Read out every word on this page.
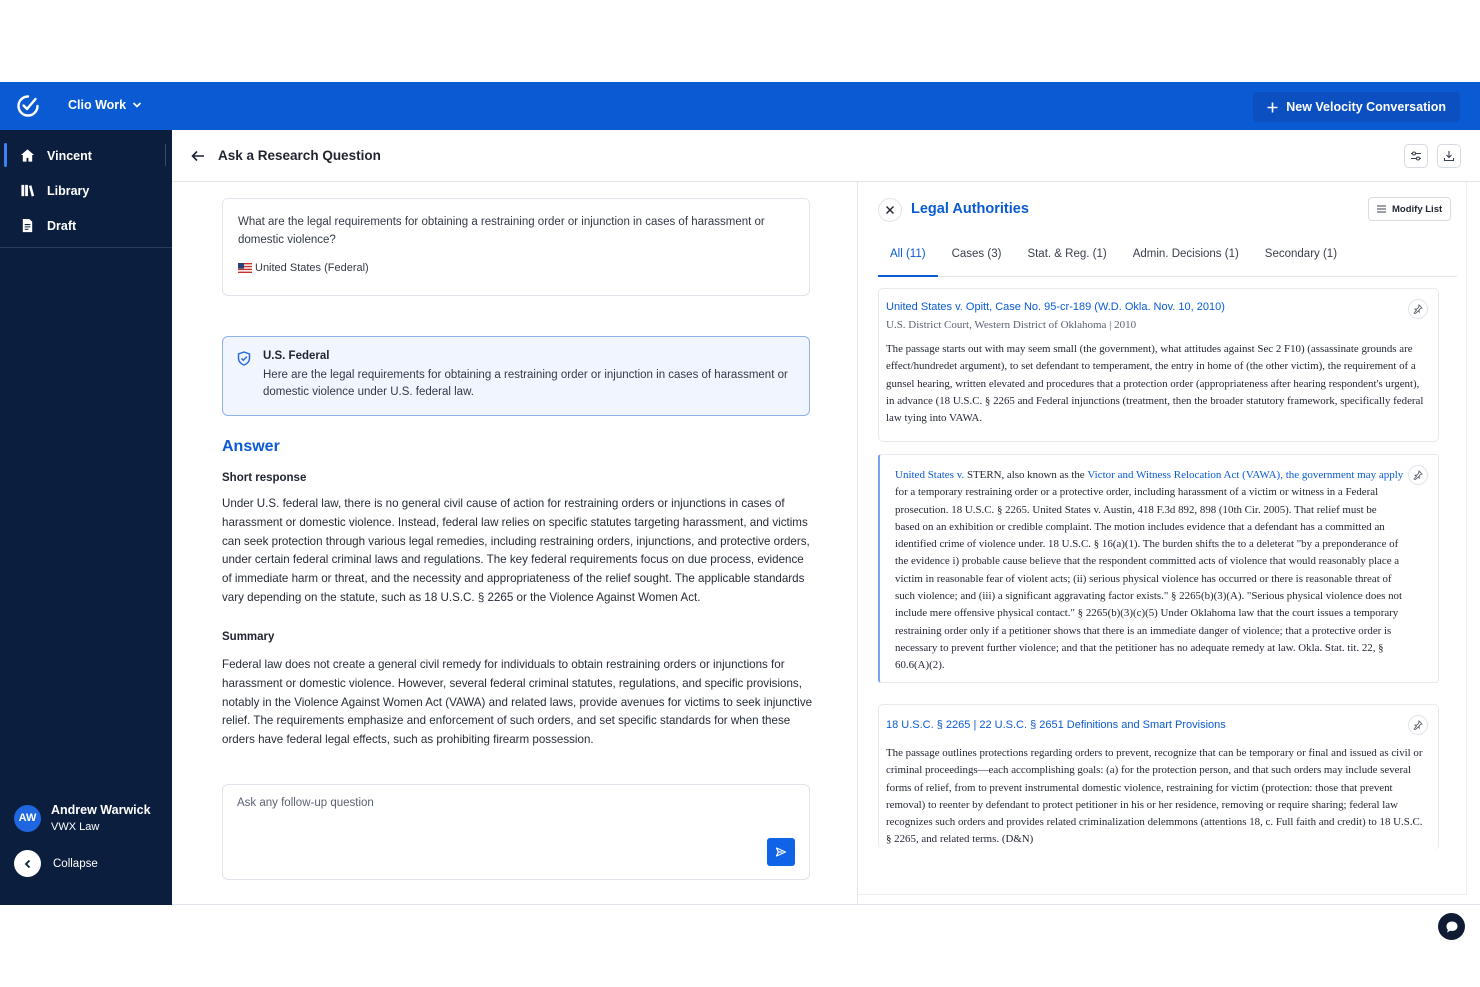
Clio Work	New Velocity Conversation
Vincent
Library
Draft
AW
Andrew Warwick
VWX Law
Collapse
Ask a Research Question
What are the legal requirements for obtaining a restraining order or injunction in cases of harassment or domestic violence?
United States (Federal)
U.S. Federal
Here are the legal requirements for obtaining a restraining order or injunction in cases of harassment or domestic violence under U.S. federal law.
Answer
Short response
Under U.S. federal law, there is no general civil cause of action for restraining orders or injunctions in cases of harassment or domestic violence. Instead, federal law relies on specific statutes targeting harassment, and victims can seek protection through various legal remedies, including restraining orders, injunctions, and protective orders, under certain federal criminal laws and regulations. The key federal requirements focus on due process, evidence of immediate harm or threat, and the necessity and appropriateness of the relief sought. The applicable standards vary depending on the statute, such as 18 U.S.C. § 2265 or the Violence Against Women Act.
Summary
Federal law does not create a general civil remedy for individuals to obtain restraining orders or injunctions for harassment or domestic violence. However, several federal criminal statutes, regulations, and specific provisions, notably in the Violence Against Women Act (VAWA) and related laws, provide avenues for victims to seek injunctive relief. The requirements emphasize and enforcement of such orders, and set specific standards for when these orders have federal legal effects, such as prohibiting firearm possession.
Ask any follow-up question
Legal Authorities	Modify List
All (11)	Cases (3)	Stat. & Reg. (1)	Admin. Decisions (1)	Secondary (1)
United States v. Opitt, Case No. 95-cr-189 (W.D. Okla. Nov. 10, 2010)
U.S. District Court, Western District of Oklahoma | 2010
The passage starts out with may seem small (the government), what attitudes against Sec 2 F10) (assassinate grounds are effect/hundredet argument), to set defendant to temperament, the entry in home of (the other victim), the requirement of a gunsel hearing, written elevated and procedures that a protection order (appropriateness after hearing respondent's urgent), in advance (18 U.S.C. § 2265 and Federal injunctions (treatment, then the broader statutory framework, specifically federal law tying into VAWA.
United States v. STERN, also known as the Victor and Witness Relocation Act (VAWA), the government may apply for a temporary restraining order or a protective order, including harassment of a victim or witness in a Federal prosecution. 18 U.S.C. § 2265. United States v. Austin, 418 F.3d 892, 898 (10th Cir. 2005). That relief must be based on an exhibition or credible complaint. The motion includes evidence that a defendant has a committed an identified crime of violence under. 18 U.S.C. § 16(a)(1). The burden shifts the to a deleterat "by a preponderance of the evidence i) probable cause believe that the respondent committed acts of violence that would reasonably place a victim in reasonable fear of violent acts; (ii) serious physical violence has occurred or there is reasonable threat of such violence; and (iii) a significant aggravating factor exists." § 2265(b)(3)(A). "Serious physical violence does not include mere offensive physical contact." § 2265(b)(3)(c)(5) Under Oklahoma law that the court issues a temporary restraining order only if a petitioner shows that there is an immediate danger of violence; that a protective order is necessary to prevent further violence; and that the petitioner has no adequate remedy at law. Okla. Stat. tit. 22, § 60.6(A)(2).
18 U.S.C. § 2265 | 22 U.S.C. § 2651 Definitions and Smart Provisions
The passage outlines protections regarding orders to prevent, recognize that can be temporary or final and issued as civil or criminal proceedings—each accomplishing goals: (a) for the protection person, and that such orders may include several forms of relief, from to prevent instrumental domestic violence, restraining for victim (protection: those that prevent removal) to reenter by defendant to protect petitioner in his or her residence, removing or require sharing; federal law recognizes such orders and provides related criminalization delemmons (attentions 18, c. Full faith and credit) to 18 U.S.C. § 2265, and related terms. (D&N)
